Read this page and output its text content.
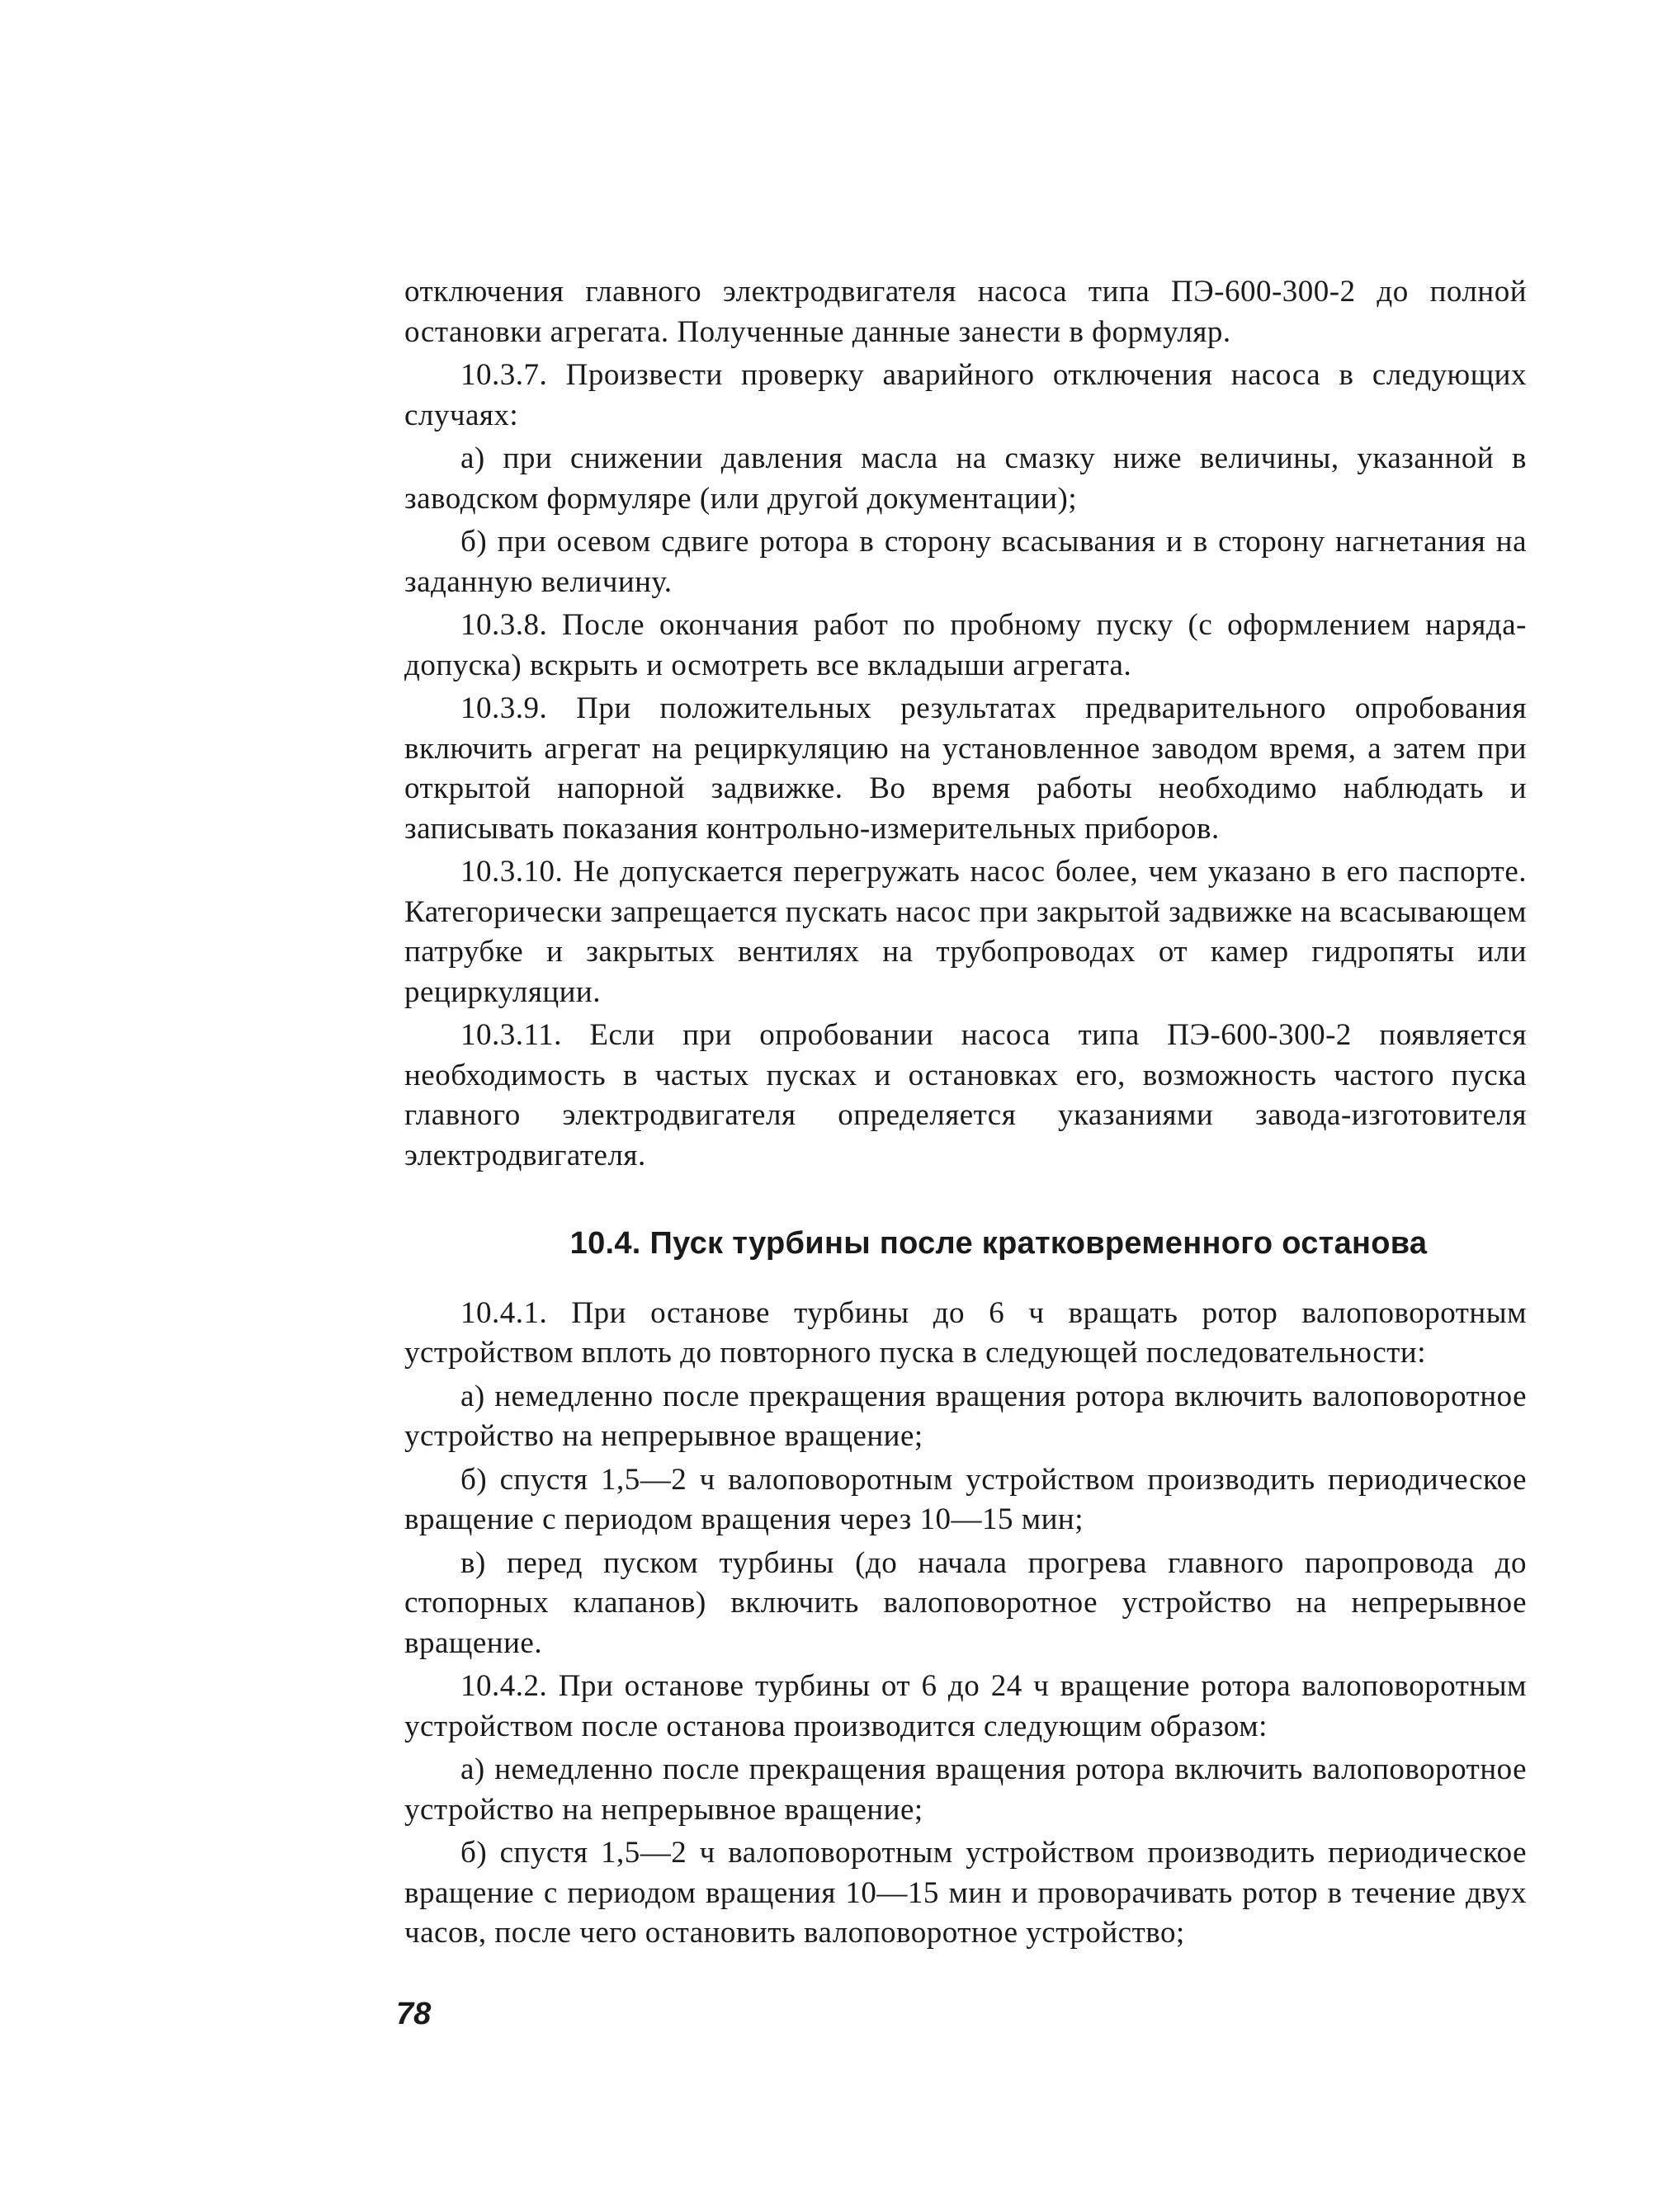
отключения главного электродвигателя насоса типа ПЭ-600-300-2 до полной остановки агрегата. Полученные данные занести в формуляр.

10.3.7. Произвести проверку аварийного отключения насоса в следующих случаях:

а) при снижении давления масла на смазку ниже величины, указанной в заводском формуляре (или другой документации);

б) при осевом сдвиге ротора в сторону всасывания и в сторону нагнетания на заданную величину.

10.3.8. После окончания работ по пробному пуску (с оформлением наряда-допуска) вскрыть и осмотреть все вкладыши агрегата.

10.3.9. При положительных результатах предварительного опробования включить агрегат на рециркуляцию на установленное заводом время, а затем при открытой напорной задвижке. Во время работы необходимо наблюдать и записывать показания контрольно-измерительных приборов.

10.3.10. Не допускается перегружать насос более, чем указано в его паспорте. Категорически запрещается пускать насос при закрытой задвижке на всасывающем патрубке и закрытых вентилях на трубопроводах от камер гидропяты или рециркуляции.

10.3.11. Если при опробовании насоса типа ПЭ-600-300-2 появляется необходимость в частых пусках и остановках его, возможность частого пуска главного электродвигателя определяется указаниями завода-изготовителя электродвигателя.

10.4. Пуск турбины после кратковременного останова

10.4.1. При останове турбины до 6 ч вращать ротор валоповоротным устройством вплоть до повторного пуска в следующей последовательности:

а) немедленно после прекращения вращения ротора включить валоповоротное устройство на непрерывное вращение;

б) спустя 1,5—2 ч валоповоротным устройством производить периодическое вращение с периодом вращения через 10—15 мин;

в) перед пуском турбины (до начала прогрева главного паропровода до стопорных клапанов) включить валоповоротное устройство на непрерывное вращение.

10.4.2. При останове турбины от 6 до 24 ч вращение ротора валоповоротным устройством после останова производится следующим образом:

а) немедленно после прекращения вращения ротора включить валоповоротное устройство на непрерывное вращение;

б) спустя 1,5—2 ч валоповоротным устройством производить периодическое вращение с периодом вращения 10—15 мин и проворачивать ротор в течение двух часов, после чего остановить валоповоротное устройство;

78
